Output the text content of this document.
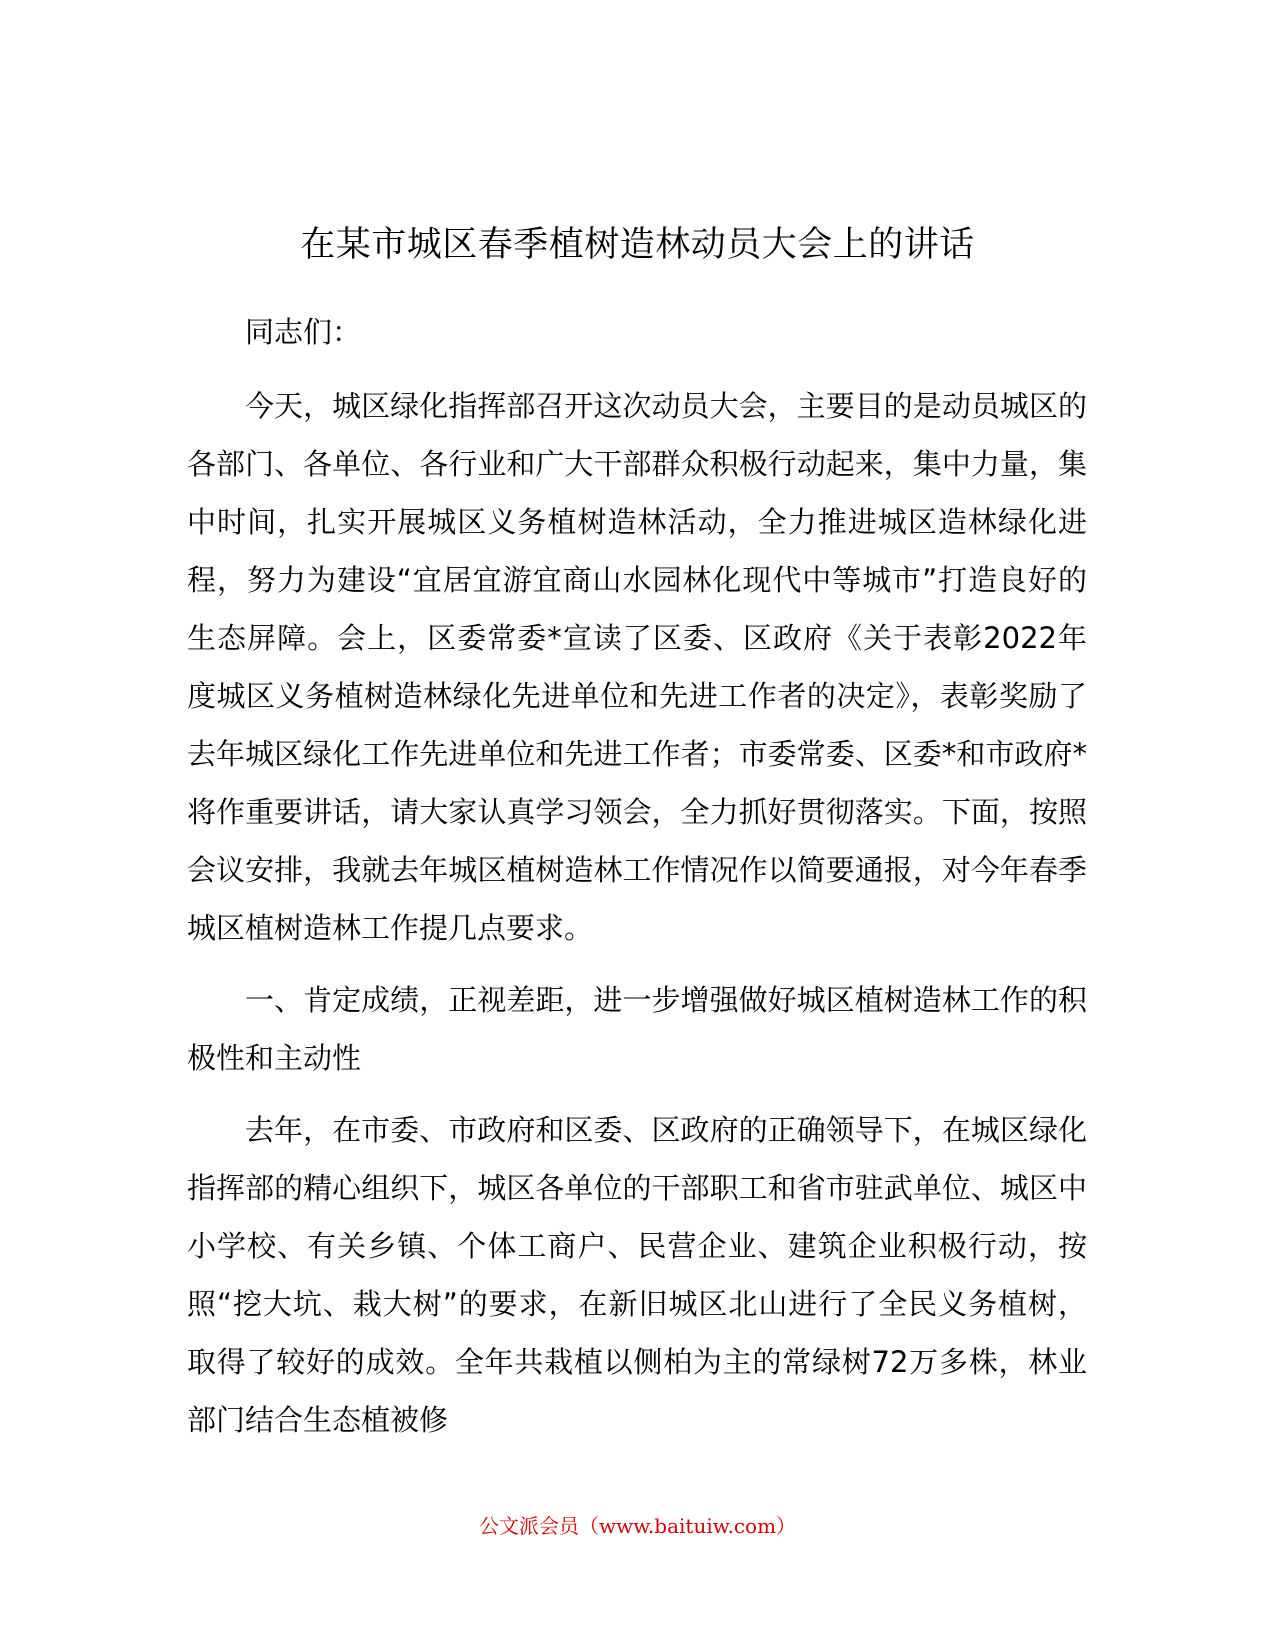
在某市城区春季植树造林动员大会上的讲话

同志们：

今天，城区绿化指挥部召开这次动员大会，主要目的是动员城区的各部门、各单位、各行业和广大干部群众积极行动起来，集中力量，集中时间，扎实开展城区义务植树造林活动，全力推进城区造林绿化进程，努力为建设“宜居宜游宜商山水园林化现代中等城市”打造良好的生态屏障。会上，区委常委*宣读了区委、区政府《关于表彰2022年度城区义务植树造林绿化先进单位和先进工作者的决定》，表彰奖励了去年城区绿化工作先进单位和先进工作者；市委常委、区委*和市政府*将作重要讲话，请大家认真学习领会，全力抓好贯彻落实。下面，按照会议安排，我就去年城区植树造林工作情况作以简要通报，对今年春季城区植树造林工作提几点要求。

一、肯定成绩，正视差距，进一步增强做好城区植树造林工作的积极性和主动性

去年，在市委、市政府和区委、区政府的正确领导下，在城区绿化指挥部的精心组织下，城区各单位的干部职工和省市驻武单位、城区中小学校、有关乡镇、个体工商户、民营企业、建筑企业积极行动，按照“挖大坑、栽大树”的要求，在新旧城区北山进行了全民义务植树，取得了较好的成效。全年共栽植以侧柏为主的常绿树72万多株，林业部门结合生态植被修

公文派会员（www.baituiw.com）
